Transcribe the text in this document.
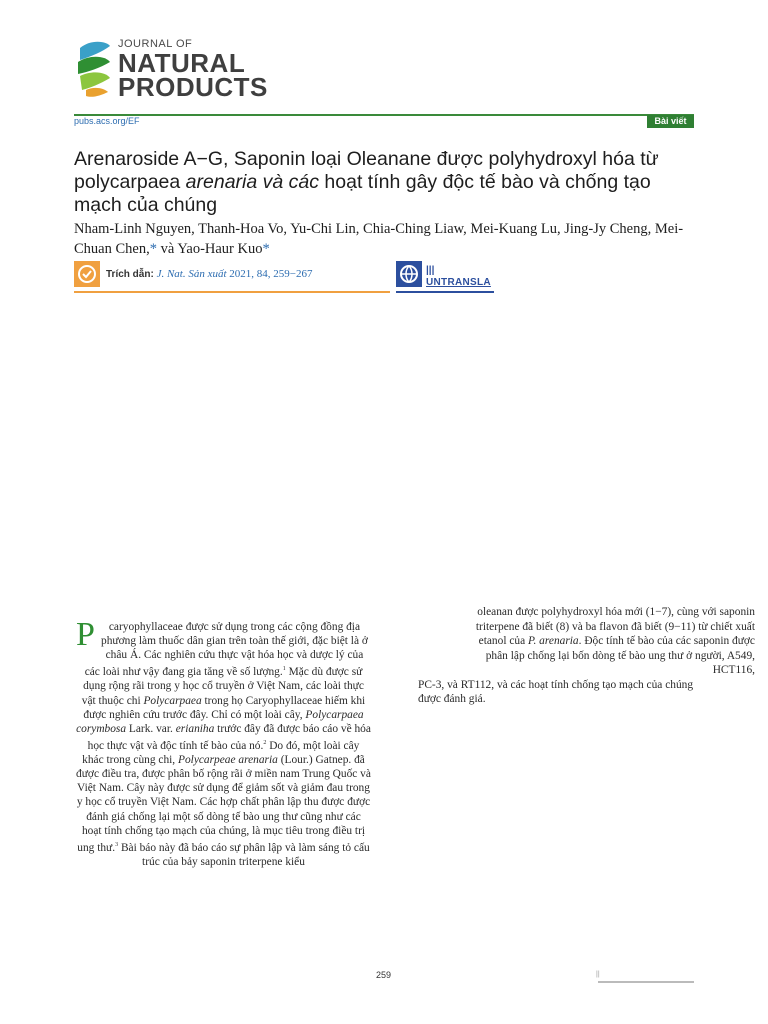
JOURNAL OF
NATURAL
PRODUCTS
pubs.acs.org/EF	Bài viết
Arenaroside A−G, Saponin loại Oleanane được polyhydroxyl hóa từ polycarpaea arenaria và các hoạt tính gây độc tế bào và chống tạo mạch của chúng
Nham-Linh Nguyen, Thanh-Hoa Vo, Yu-Chi Lin, Chia-Ching Liaw, Mei-Kuang Lu, Jing-Jy Cheng, Mei-Chuan Chen,* và Yao-Haur Kuo*
Trích dẫn: J. Nat. Sản xuất 2021, 84, 259−267	|||
UNTRANSLA
P	caryophyllaceae được sử dụng trong các cộng đồng địa phương làm thuốc dân gian trên toàn thế giới, đặc biệt là ở châu Á. Các nghiên cứu thực vật hóa học và dược lý của các loài như vậy đang gia tăng về số lượng.$^1$ Mặc dù được sử dụng rộng rãi trong y học cổ truyền ở Việt Nam, các loài thực vật thuộc chi Polycarpaea trong họ Caryophyllaceae hiếm khi được nghiên cứu trước đây. Chỉ có một loài cây, Polycarpaea corymbosa Lark. var. erianiha trước đây đã được báo cáo về hóa học thực vật và độc tính tế bào của nó.$^2$ Do đó, một loài cây khác trong cùng chi, Polycarpeae arenaria (Lour.) Gatnep. đã được điều tra, được phân bố rộng rãi ở miền nam Trung Quốc và Việt Nam. Cây này được sử dụng để giảm sốt và giảm đau trong y học cổ truyền Việt Nam. Các hợp chất phân lập thu được được đánh giá chống lại một số dòng tế bào ung thư cũng như các hoạt tính chống tạo mạch của chúng, là mục tiêu trong điều trị ung thư.$^3$ Bài báo này đã báo cáo sự phân lập và làm sáng tỏ cấu trúc của bảy saponin triterpene kiểu

oleanan được polyhydroxyl hóa mới (1−7), cùng với saponin
triterpene đã biết (8) và ba flavon đã biết (9−11) từ chiết xuất
etanol của P. arenaria. Độc tính tế bào của các saponin được
phân lập chống lại bốn dòng tế bào ung thư ở người, A549,
HCT116,
PC-3, và RT112, và các hoạt tính chống tạo mạch của chúng
được đánh giá.
259	||
